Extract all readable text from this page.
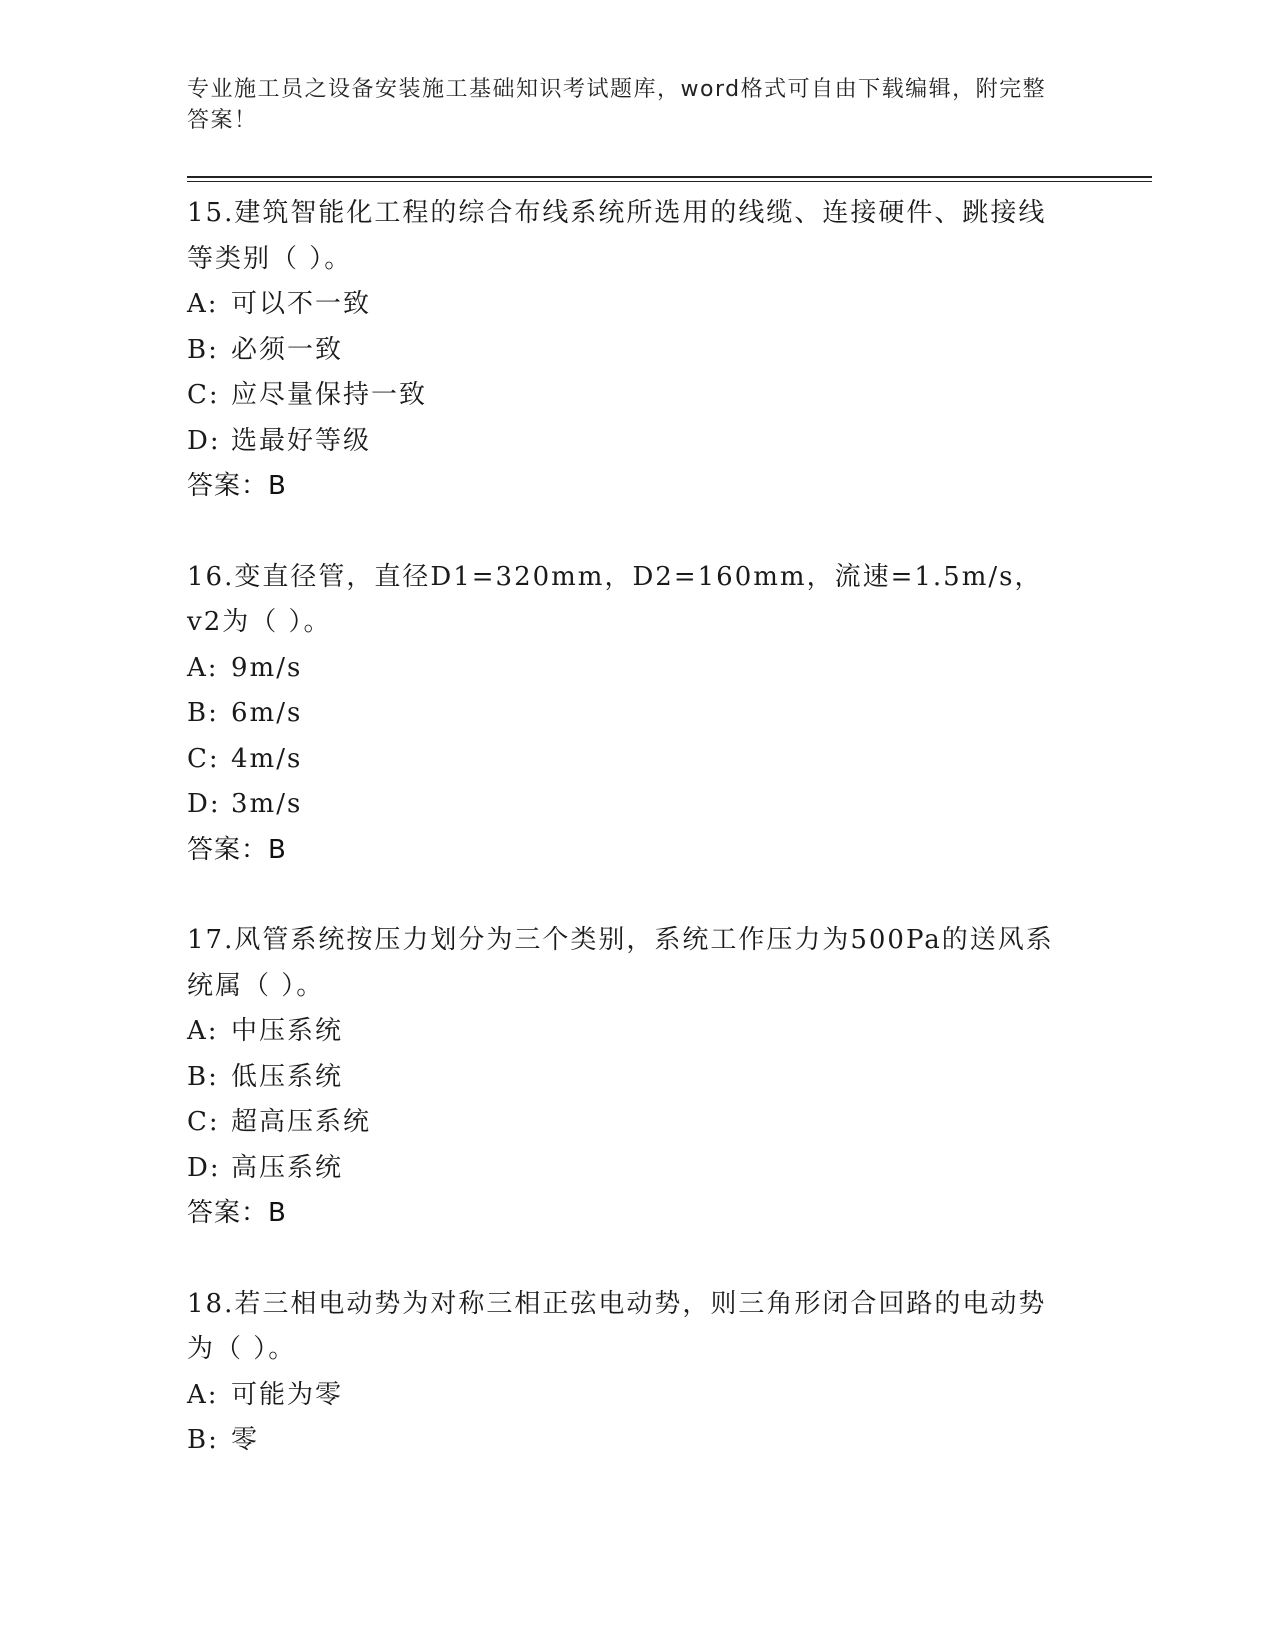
专业施工员之设备安装施工基础知识考试题库，word格式可自由下载编辑，附完整答案！
15.建筑智能化工程的综合布线系统所选用的线缆、连接硬件、跳接线等类别（ ）。
A: 可以不一致
B: 必须一致
C: 应尽量保持一致
D: 选最好等级
答案：B
16.变直径管，直径D1=320mm，D2=160mm，流速=1.5m/s，v2为（ ）。
A: 9m/s
B: 6m/s
C: 4m/s
D: 3m/s
答案：B
17.风管系统按压力划分为三个类别，系统工作压力为500Pa的送风系统属（ ）。
A: 中压系统
B: 低压系统
C: 超高压系统
D: 高压系统
答案：B
18.若三相电动势为对称三相正弦电动势，则三角形闭合回路的电动势为（ ）。
A: 可能为零
B: 零
